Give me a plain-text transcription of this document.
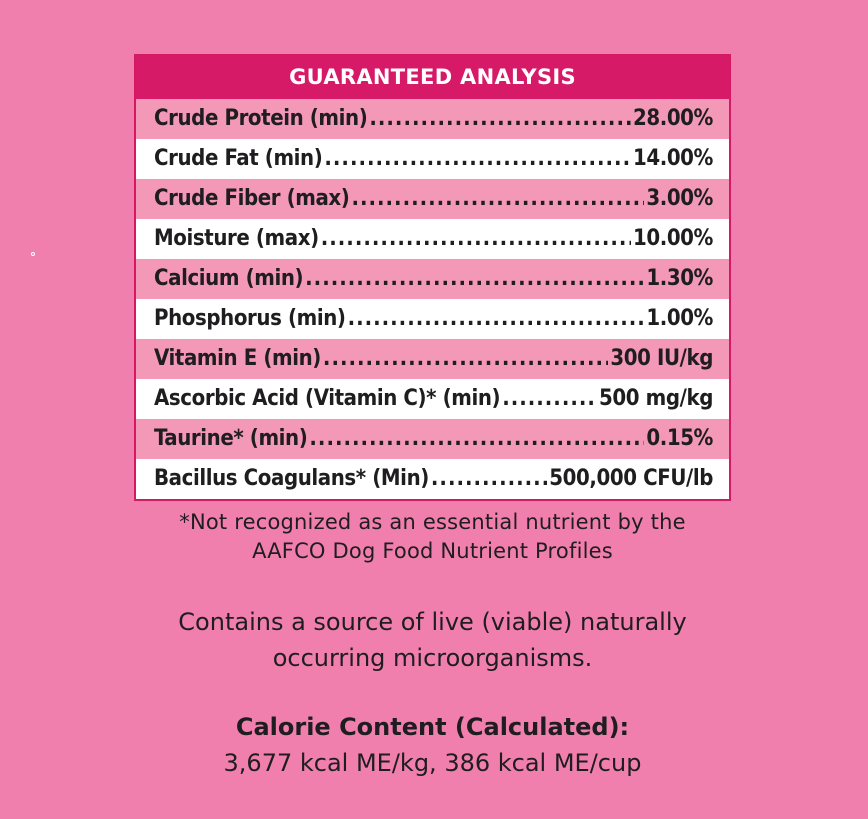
GUARANTEED ANALYSIS
Crude Protein (min) .....	28.00%
Crude Fat (min) .....	14.00%
Crude Fiber (max) .....	3.00%
Moisture (max) .....	10.00%
Calcium (min) .....	1.30%
Phosphorus (min) .....	1.00%
Vitamin E (min) .....	300 IU/kg
Ascorbic Acid (Vitamin C)* (min) .....	500 mg/kg
Taurine* (min) .....	0.15%
Bacillus Coagulans* (Min) .....	500,000 CFU/lb
*Not recognized as an essential nutrient by the
AAFCO Dog Food Nutrient Profiles
Contains a source of live (viable) naturally
occurring microorganisms.
Calorie Content (Calculated):
3,677 kcal ME/kg, 386 kcal ME/cup
